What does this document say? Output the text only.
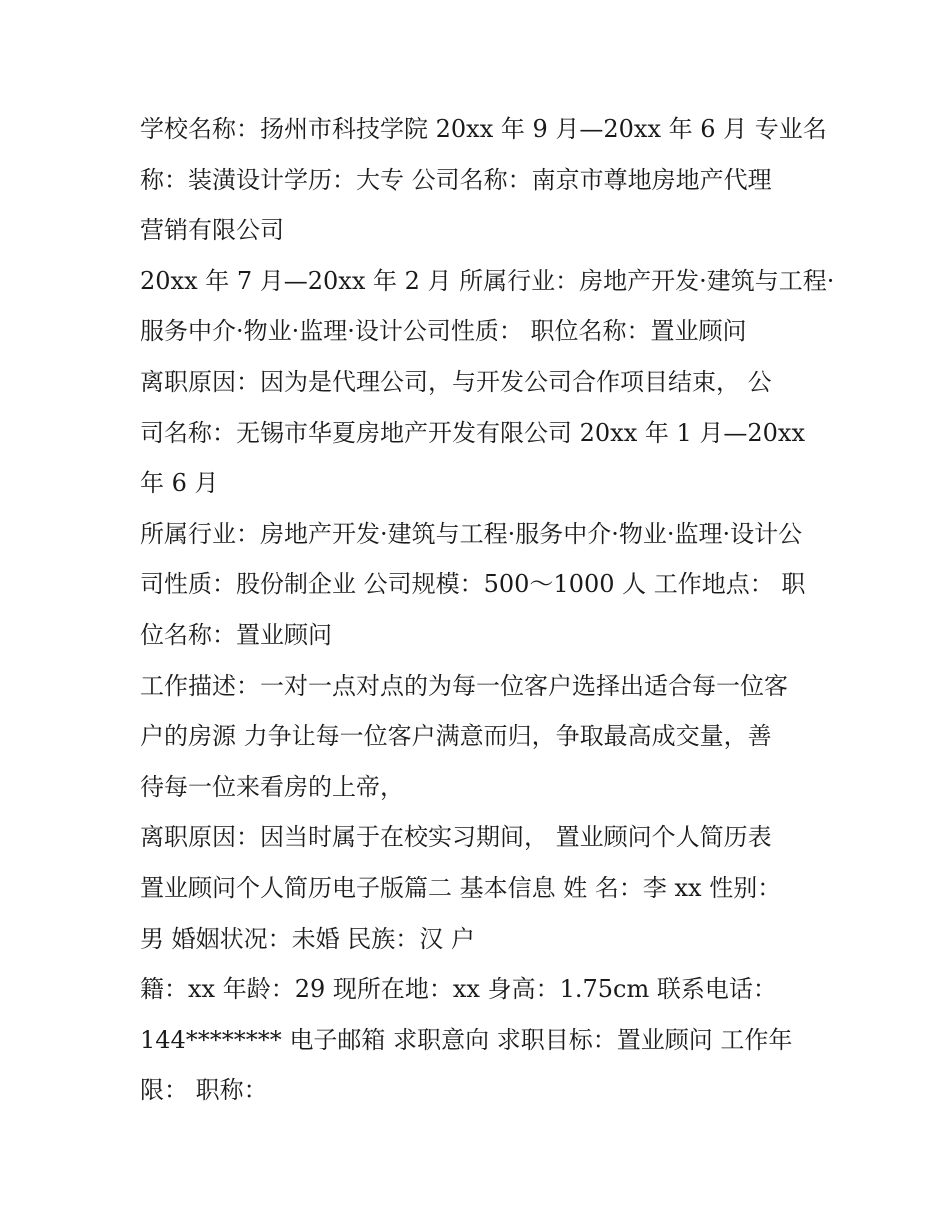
学校名称：扬州市科技学院 20xx 年 9 月—20xx 年 6 月 专业名
称：装潢设计学历：大专 公司名称：南京市尊地房地产代理
营销有限公司
20xx 年 7 月—20xx 年 2 月 所属行业：房地产开发·建筑与工程·
服务中介·物业·监理·设计公司性质： 职位名称：置业顾问
离职原因：因为是代理公司，与开发公司合作项目结束， 公
司名称：无锡市华夏房地产开发有限公司 20xx 年 1 月—20xx
年 6 月
所属行业：房地产开发·建筑与工程·服务中介·物业·监理·设计公
司性质：股份制企业 公司规模：500～1000 人 工作地点： 职
位名称：置业顾问
工作描述：一对一点对点的为每一位客户选择出适合每一位客
户的房源 力争让每一位客户满意而归，争取最高成交量，善
待每一位来看房的上帝，
离职原因：因当时属于在校实习期间， 置业顾问个人简历表
置业顾问个人简历电子版篇二 基本信息 姓 名：李 xx 性别：
男 婚姻状况：未婚 民族：汉 户
籍：xx 年龄：29 现所在地：xx 身高：1.75cm 联系电话：
144******** 电子邮箱 求职意向 求职目标：置业顾问 工作年
限： 职称：
